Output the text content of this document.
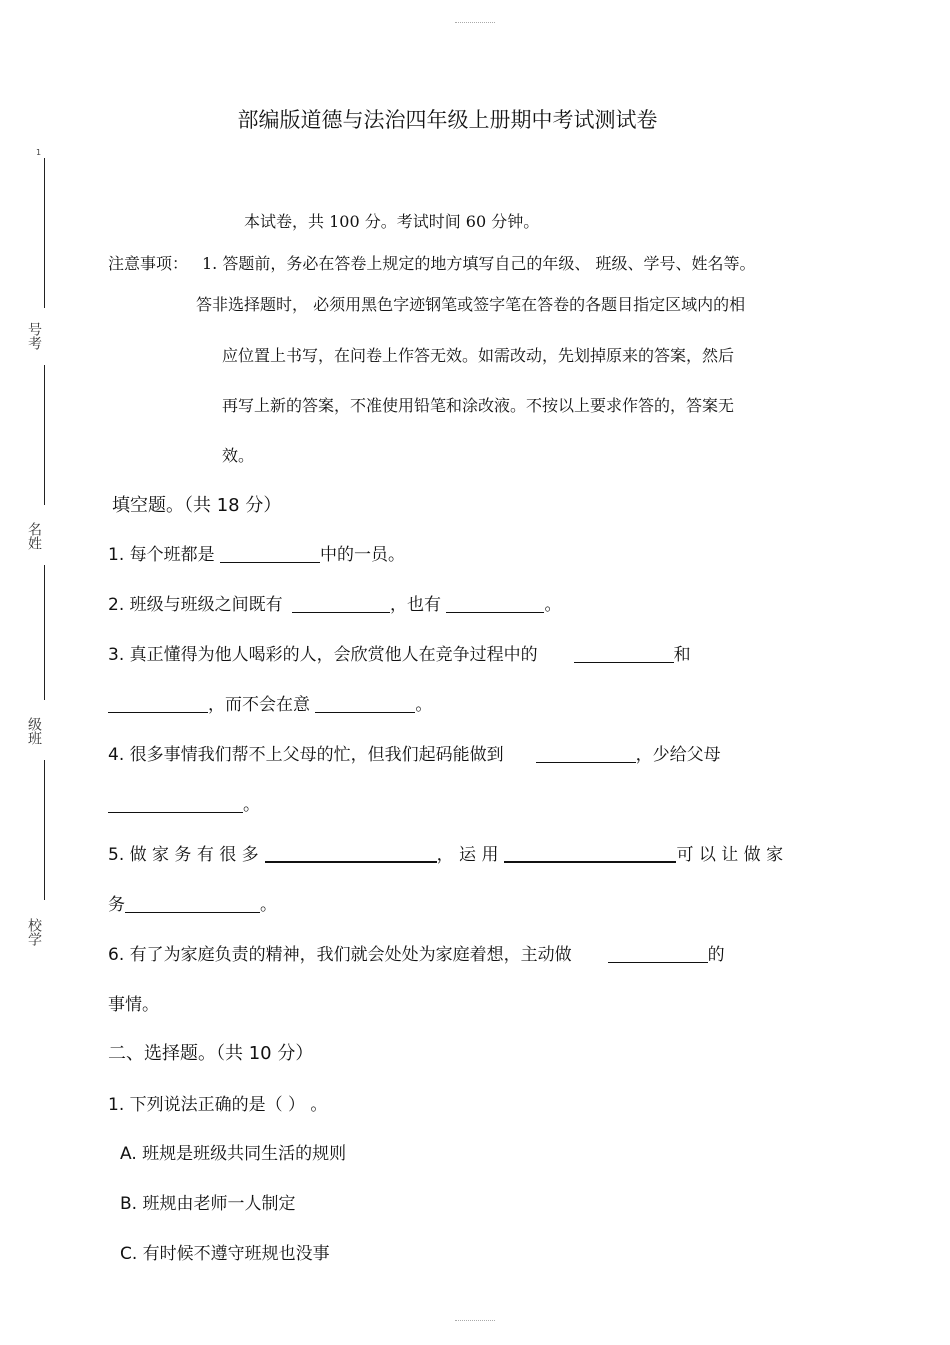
1
号考
名姓
级班
校学
部编版道德与法治四年级上册期中考试测试卷
本试卷，共 100 分。考试时间 60 分钟。
注意事项： 1. 答题前，务必在答卷上规定的地方填写自己的年级、 班级、学号、姓名等。
答非选择题时， 必须用黑色字迹钢笔或签字笔在答卷的各题目指定区域内的相
应位置上书写，在问卷上作答无效。如需改动，先划掉原来的答案，然后
再写上新的答案，不准使用铅笔和涂改液。不按以上要求作答的，答案无
效。
填空题。（共 18 分）
1. 每个班都是	中的一员。
2. 班级与班级之间既有	，也有	。
3. 真正懂得为他人喝彩的人，会欣赏他人在竞争过程中的	和
，而不会在意	。
4. 很多事情我们帮不上父母的忙，但我们起码能做到	，少给父母
。
5. 做 家 务 有 很 多	， 运 用	可 以 让 做 家
务	。
6. 有了为家庭负责的精神，我们就会处处为家庭着想，主动做	的
事情。
二、选择题。（共 10 分）
1. 下列说法正确的是（ ） 。
A. 班规是班级共同生活的规则
B. 班规由老师一人制定
C. 有时候不遵守班规也没事
